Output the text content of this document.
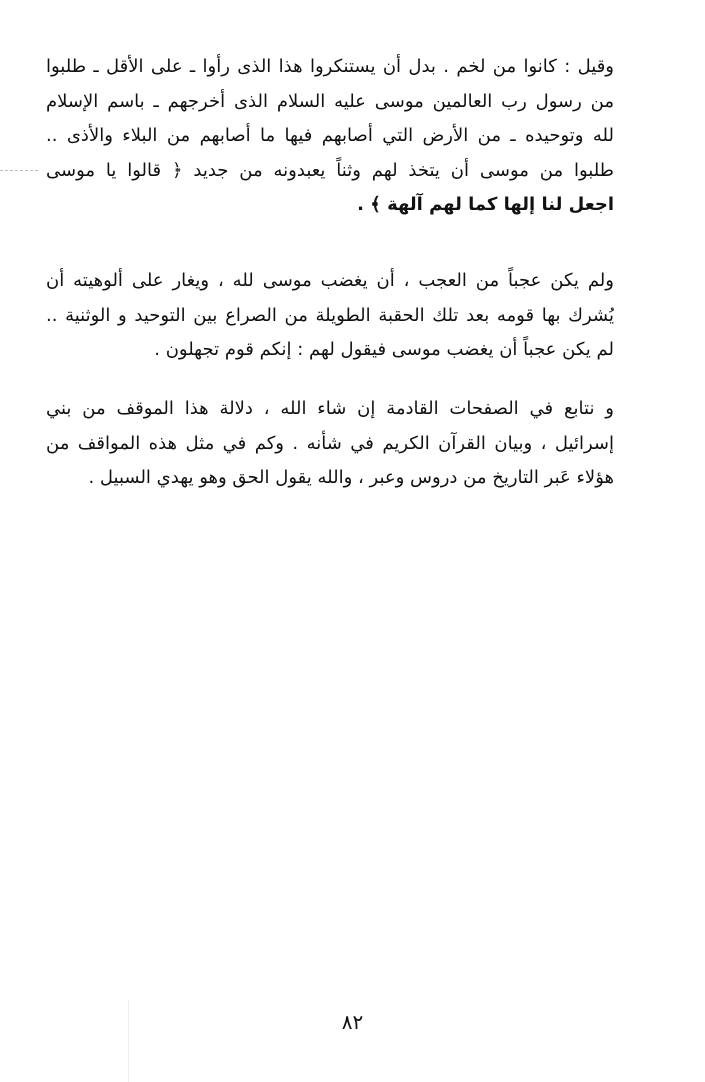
وقيل : كانوا من لخم . بدل أن يستنكروا هذا الذى رأوا ـ على الأقل ـ طلبوا
من رسول رب العالمين موسى عليه السلام الذى أخرجهم ـ باسم الإسلام
لله وتوحيده ـ من الأرض التي أصابهم فيها ما أصابهم من البلاء والأذى ..
طلبوا من موسى أن يتخذ لهم وثناً يعبدونه من جديد ﴿ قالوا يا موسى
اجعل لنا إلها كما لهم آلهة ﴾ .
ولم يكن عجباً من العجب ، أن يغضب موسى لله ، ويغار على ألوهيته أن
يُشرك بها قومه بعد تلك الحقبة الطويلة من الصراع بين التوحيد و الوثنية ..
لم يكن عجباً أن يغضب موسى فيقول لهم : إنكم قوم تجهلون .
و نتابع في الصفحات القادمة إن شاء الله ، دلالة هذا الموقف من بني
إسرائيل ، وبيان القرآن الكريم في شأنه . وكم في مثل هذه المواقف من
هؤلاء عَبر التاريخ من دروس وعبر ، والله يقول الحق وهو يهدي السبيل .
٨٢
